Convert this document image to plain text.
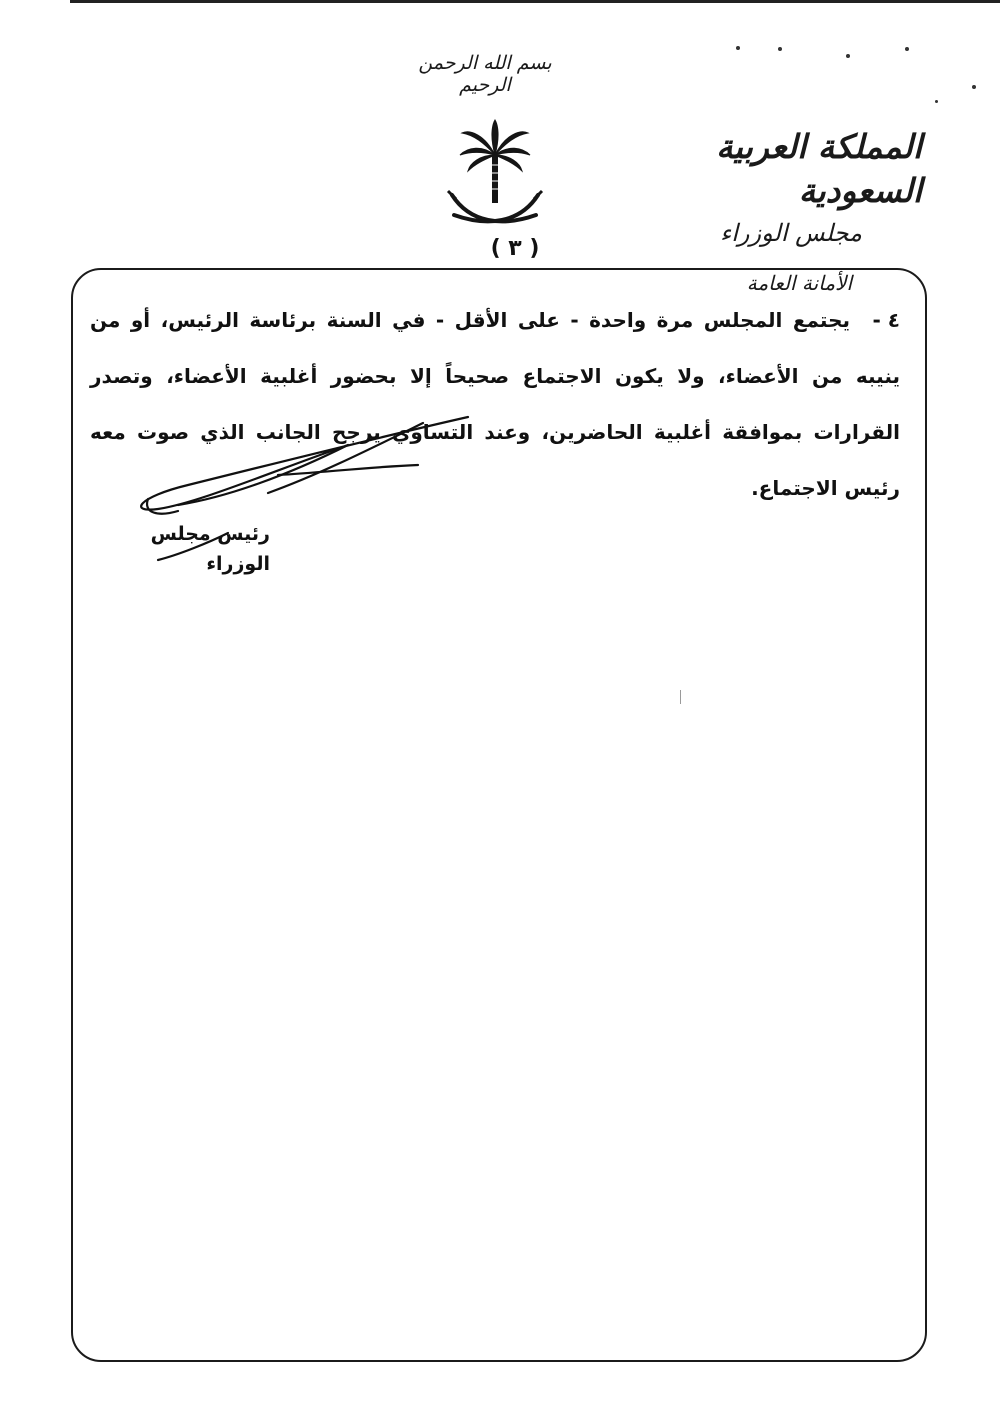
بسم الله الرحمن الرحيم
المملكة العربية السعودية
مجلس الوزراء
الأمانة العامة
( ٣ )
٤ -يجتمع المجلس مرة واحدة - على الأقل - في السنة برئاسة الرئيس، أو من ينيبه من الأعضاء، ولا يكون الاجتماع صحيحاً إلا بحضور أغلبية الأعضاء، وتصدر القرارات بموافقة أغلبية الحاضرين، وعند التساوي يرجح الجانب الذي صوت معه رئيس الاجتماع.
رئيس مجلس الوزراء
